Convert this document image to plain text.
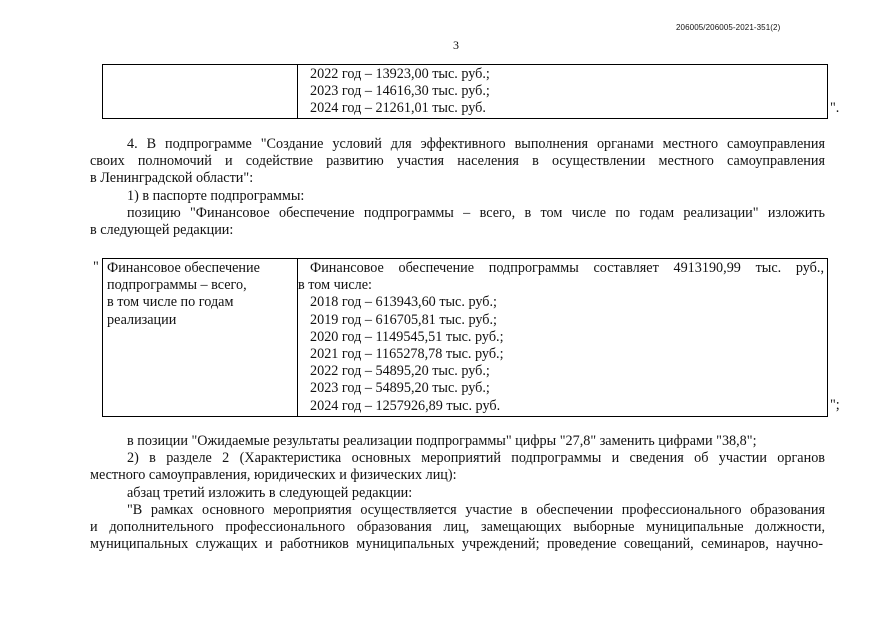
206005/206005-2021-351(2)
3

2022 год – 13923,00 тыс. руб.;
2023 год – 14616,30 тыс. руб.;
2024 год – 21261,01 тыс. руб.	".
4. В подпрограмме "Создание условий для эффективного выполнения органами местного самоуправления
своих полномочий и содействие развитию участия населения в осуществлении местного самоуправления
в Ленинградской области":
1) в паспорте подпрограммы:
позицию "Финансовое обеспечение подпрограммы – всего, в том числе по годам реализации" изложить
в следующей редакции:
" Финансовое обеспечение
подпрограммы – всего,
в том числе по годам
реализации

Финансовое обеспечение подпрограммы составляет 4913190,99 тыс. руб.,
в том числе:
2018 год – 613943,60 тыс. руб.;
2019 год – 616705,81 тыс. руб.;
2020 год – 1149545,51 тыс. руб.;
2021 год – 1165278,78 тыс. руб.;
2022 год – 54895,20 тыс. руб.;
2023 год – 54895,20 тыс. руб.;
2024 год – 1257926,89 тыс. руб.	";
в позиции "Ожидаемые результаты реализации подпрограммы" цифры "27,8" заменить цифрами "38,8";
2) в разделе 2 (Характеристика основных мероприятий подпрограммы и сведения об участии органов
местного самоуправления, юридических и физических лиц):
абзац третий изложить в следующей редакции:
"В рамках основного мероприятия осуществляется участие в обеспечении профессионального образования
и дополнительного профессионального образования лиц, замещающих выборные муниципальные должности,
муниципальных служащих и работников муниципальных учреждений; проведение совещаний, семинаров, научно-
